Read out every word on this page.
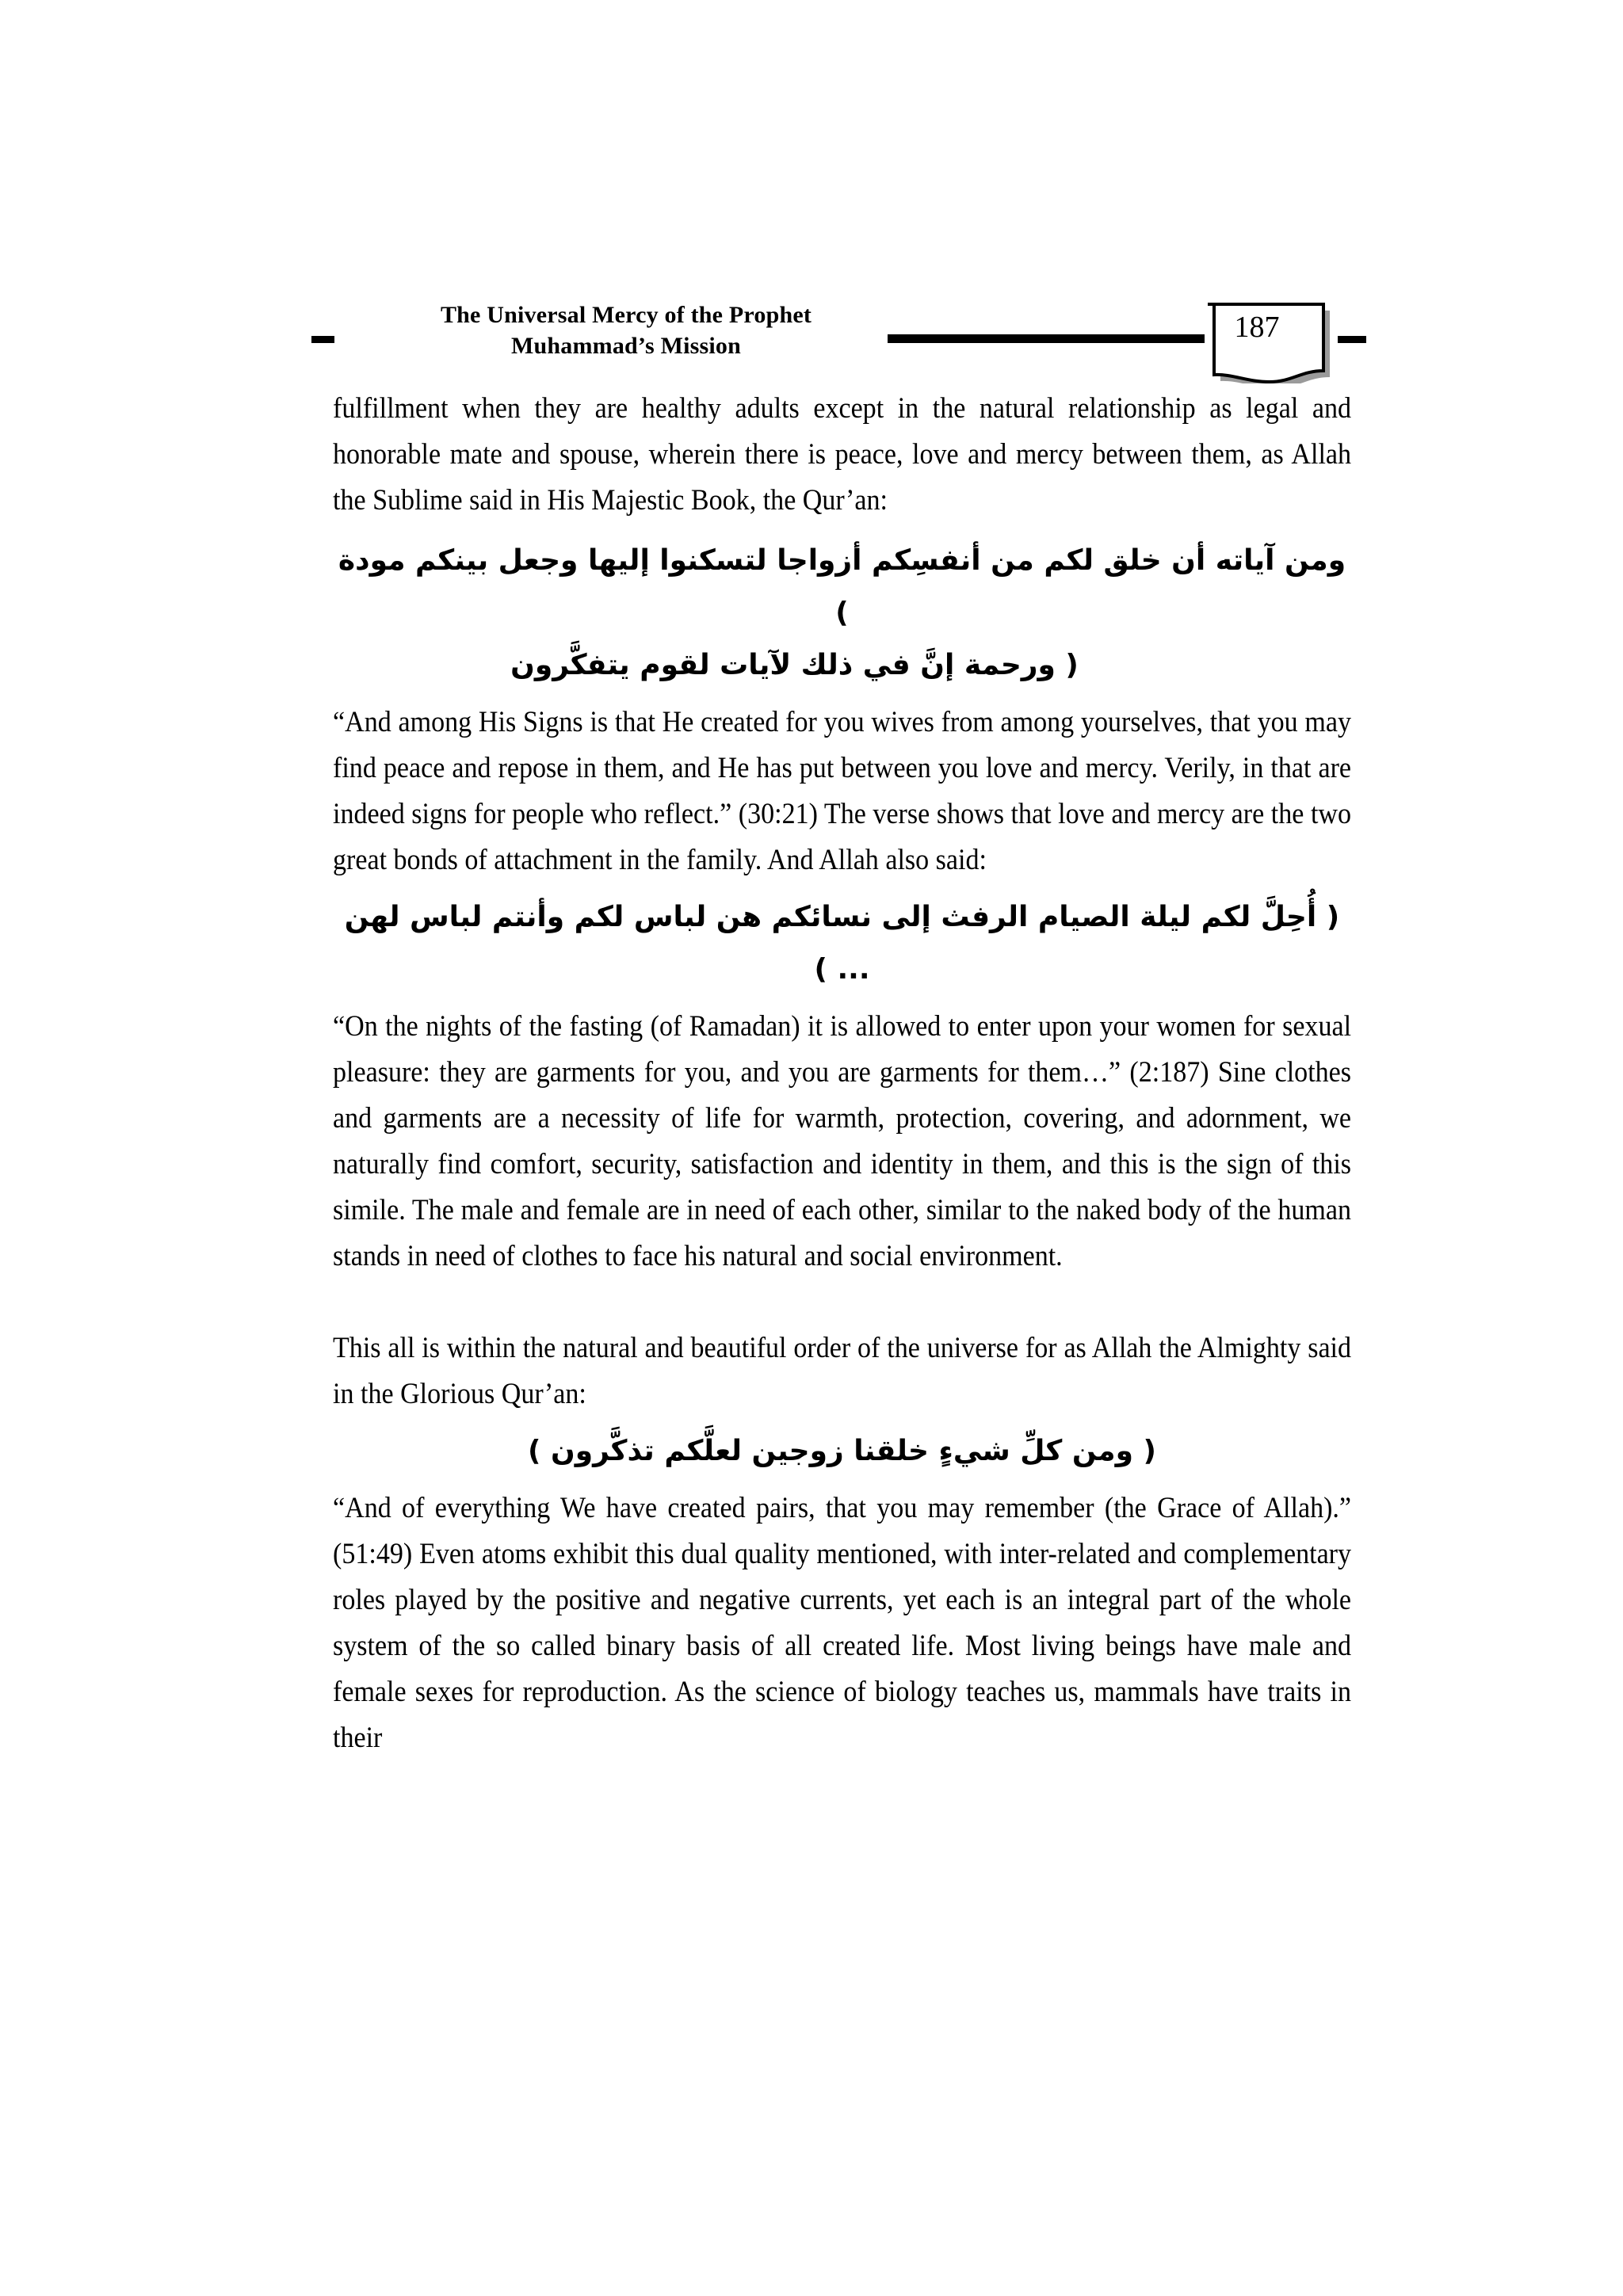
The Universal Mercy of the Prophet
Muhammad’s Mission
187

fulfillment when they are healthy adults except in the natural relationship as legal and honorable mate and spouse, wherein there is peace, love and mercy between them, as Allah the Sublime said in His Majestic Book, the Qur’an:

ومن آياته أن خلق لكم من أنفسِكم أزواجا لتسكنوا إليها وجعل بينكم مودة )
( ورحمة إنَّ في ذلك لآيات لقوم يتفكَّرون

“And among His Signs is that He created for you wives from among yourselves, that you may find peace and repose in them, and He has put between you love and mercy. Verily, in that are indeed signs for people who reflect.” (30:21) The verse shows that love and mercy are the two great bonds of attachment in the family. And Allah also said:

( أُحِلَّ لكم ليلة الصيام الرفث إلى نسائكم هن لباس لكم وأنتم لباس لهن ... )

“On the nights of the fasting (of Ramadan) it is allowed to enter upon your women for sexual pleasure: they are garments for you, and you are garments for them…” (2:187) Sine clothes and garments are a necessity of life for warmth, protection, covering, and adornment, we naturally find comfort, security, satisfaction and identity in them, and this is the sign of this simile. The male and female are in need of each other, similar to the naked body of the human stands in need of clothes to face his natural and social environment.

This all is within the natural and beautiful order of the universe for as Allah the Almighty said in the Glorious Qur’an:

( ومن كلِّ شيءٍ خلقنا زوجين لعلَّكم تذكَّرون )

“And of everything We have created pairs, that you may remember (the Grace of Allah).” (51:49) Even atoms exhibit this dual quality mentioned, with inter-related and complementary roles played by the positive and negative currents, yet each is an integral part of the whole system of the so called binary basis of all created life. Most living beings have male and female sexes for reproduction. As the science of biology teaches us, mammals have traits in their
